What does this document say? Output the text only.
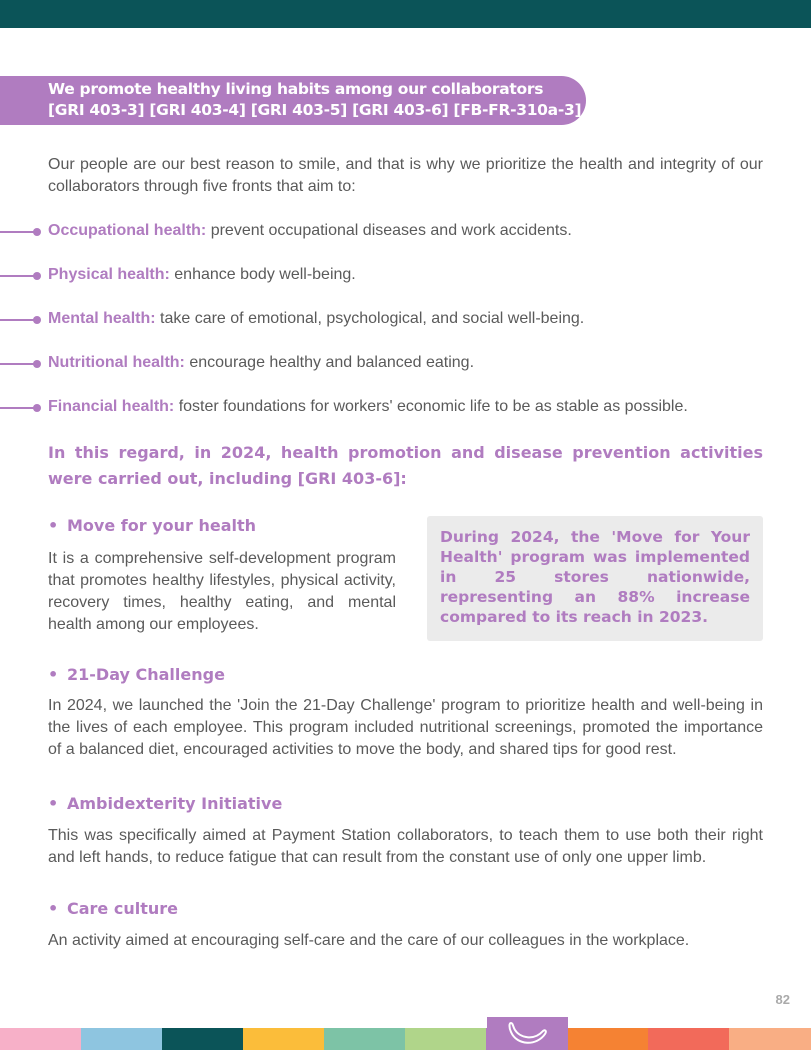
We promote healthy living habits among our collaborators
[GRI 403-3] [GRI 403-4] [GRI 403-5] [GRI 403-6] [FB-FR-310a-3]
Our people are our best reason to smile, and that is why we prioritize the health and integrity of our collaborators through five fronts that aim to:
Occupational health: prevent occupational diseases and work accidents.
Physical health: enhance body well-being.
Mental health: take care of emotional, psychological, and social well-being.
Nutritional health: encourage healthy and balanced eating.
Financial health: foster foundations for workers' economic life to be as stable as possible.
In this regard, in 2024, health promotion and disease prevention activities were carried out, including [GRI 403-6]:
• Move for your health
It is a comprehensive self-development program that promotes healthy lifestyles, physical activity, recovery times, healthy eating, and mental health among our employees.
During 2024, the 'Move for Your Health' program was implemented in 25 stores nationwide, representing an 88% increase compared to its reach in 2023.
• 21-Day Challenge
In 2024, we launched the 'Join the 21-Day Challenge' program to prioritize health and well-being in the lives of each employee. This program included nutritional screenings, promoted the importance of a balanced diet, encouraged activities to move the body, and shared tips for good rest.
• Ambidexterity Initiative
This was specifically aimed at Payment Station collaborators, to teach them to use both their right and left hands, to reduce fatigue that can result from the constant use of only one upper limb.
• Care culture
An activity aimed at encouraging self-care and the care of our colleagues in the workplace.
82
